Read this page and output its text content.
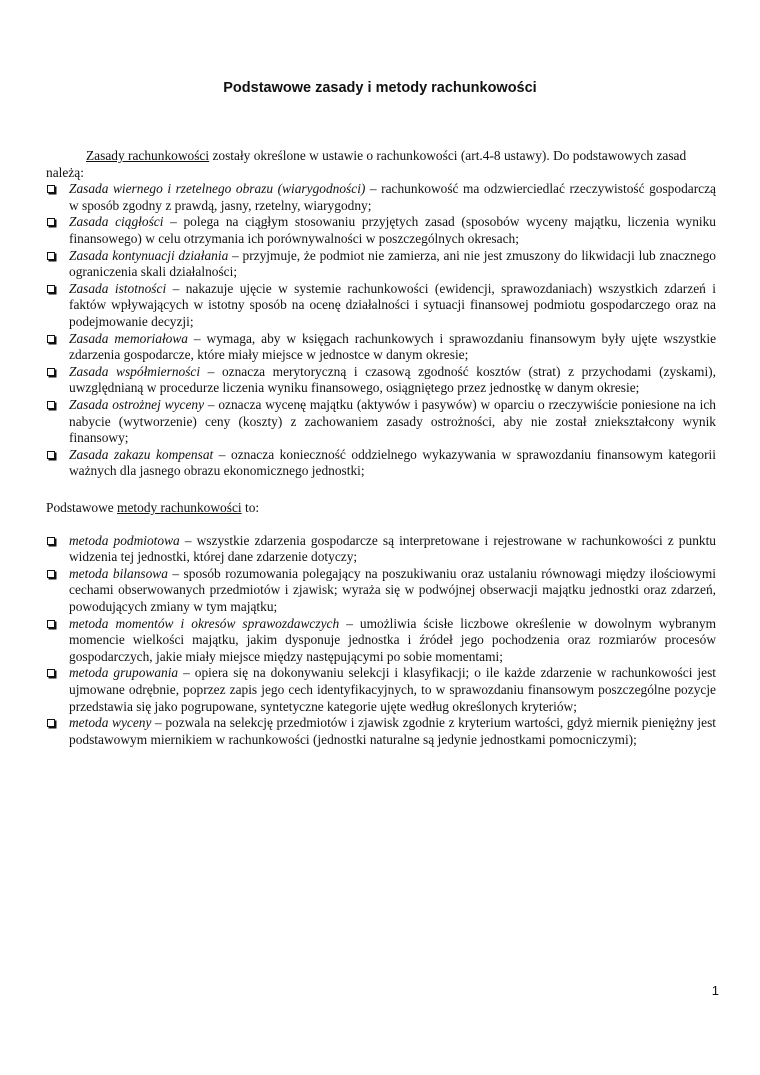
Podstawowe zasady i metody rachunkowości

Zasady rachunkowości zostały określone w ustawie o rachunkowości (art.4-8 ustawy). Do podstawowych zasad należą:

Zasada wiernego i rzetelnego obrazu (wiarygodności) – rachunkowość ma odzwierciedlać rzeczywistość gospodarczą w sposób zgodny z prawdą, jasny, rzetelny, wiarygodny;
Zasada ciągłości – polega na ciągłym stosowaniu przyjętych zasad (sposobów wyceny majątku, liczenia wyniku finansowego) w celu otrzymania ich porównywalności w poszczególnych okresach;
Zasada kontynuacji działania – przyjmuje, że podmiot nie zamierza, ani nie jest zmuszony do likwidacji lub znacznego ograniczenia skali działalności;
Zasada istotności – nakazuje ujęcie w systemie rachunkowości (ewidencji, sprawozdaniach) wszystkich zdarzeń i faktów wpływających w istotny sposób na ocenę działalności i sytuacji finansowej podmiotu gospodarczego oraz na podejmowanie decyzji;
Zasada memoriałowa – wymaga, aby w księgach rachunkowych i sprawozdaniu finansowym były ujęte wszystkie zdarzenia gospodarcze, które miały miejsce w jednostce w danym okresie;
Zasada współmierności – oznacza merytoryczną i czasową zgodność kosztów (strat) z przychodami (zyskami), uwzględnianą w procedurze liczenia wyniku finansowego, osiągniętego przez jednostkę w danym okresie;
Zasada ostrożnej wyceny – oznacza wycenę majątku (aktywów i pasywów) w oparciu o rzeczywiście poniesione na ich nabycie (wytworzenie) ceny (koszty) z zachowaniem zasady ostrożności, aby nie został zniekształcony wynik finansowy;
Zasada zakazu kompensat – oznacza konieczność oddzielnego wykazywania w sprawozdaniu finansowym kategorii ważnych dla jasnego obrazu ekonomicznego jednostki;

Podstawowe metody rachunkowości to:

metoda podmiotowa – wszystkie zdarzenia gospodarcze są interpretowane i rejestrowane w rachunkowości z punktu widzenia tej jednostki, której dane zdarzenie dotyczy;
metoda bilansowa – sposób rozumowania polegający na poszukiwaniu oraz ustalaniu równowagi między ilościowymi cechami obserwowanych przedmiotów i zjawisk; wyraża się w podwójnej obserwacji majątku jednostki oraz zdarzeń, powodujących zmiany w tym majątku;
metoda momentów i okresów sprawozdawczych – umożliwia ścisłe liczbowe określenie w dowolnym wybranym momencie wielkości majątku, jakim dysponuje jednostka i źródeł jego pochodzenia oraz rozmiarów procesów gospodarczych, jakie miały miejsce między następującymi po sobie momentami;
metoda grupowania – opiera się na dokonywaniu selekcji i klasyfikacji; o ile każde zdarzenie w rachunkowości jest ujmowane odrębnie, poprzez zapis jego cech identyfikacyjnych, to w sprawozdaniu finansowym poszczególne pozycje przedstawia się jako pogrupowane, syntetyczne kategorie ujęte według określonych kryteriów;
metoda wyceny – pozwala na selekcję przedmiotów i zjawisk zgodnie z kryterium wartości, gdyż miernik pieniężny jest podstawowym miernikiem w rachunkowości (jednostki naturalne są jedynie jednostkami pomocniczymi);
1
